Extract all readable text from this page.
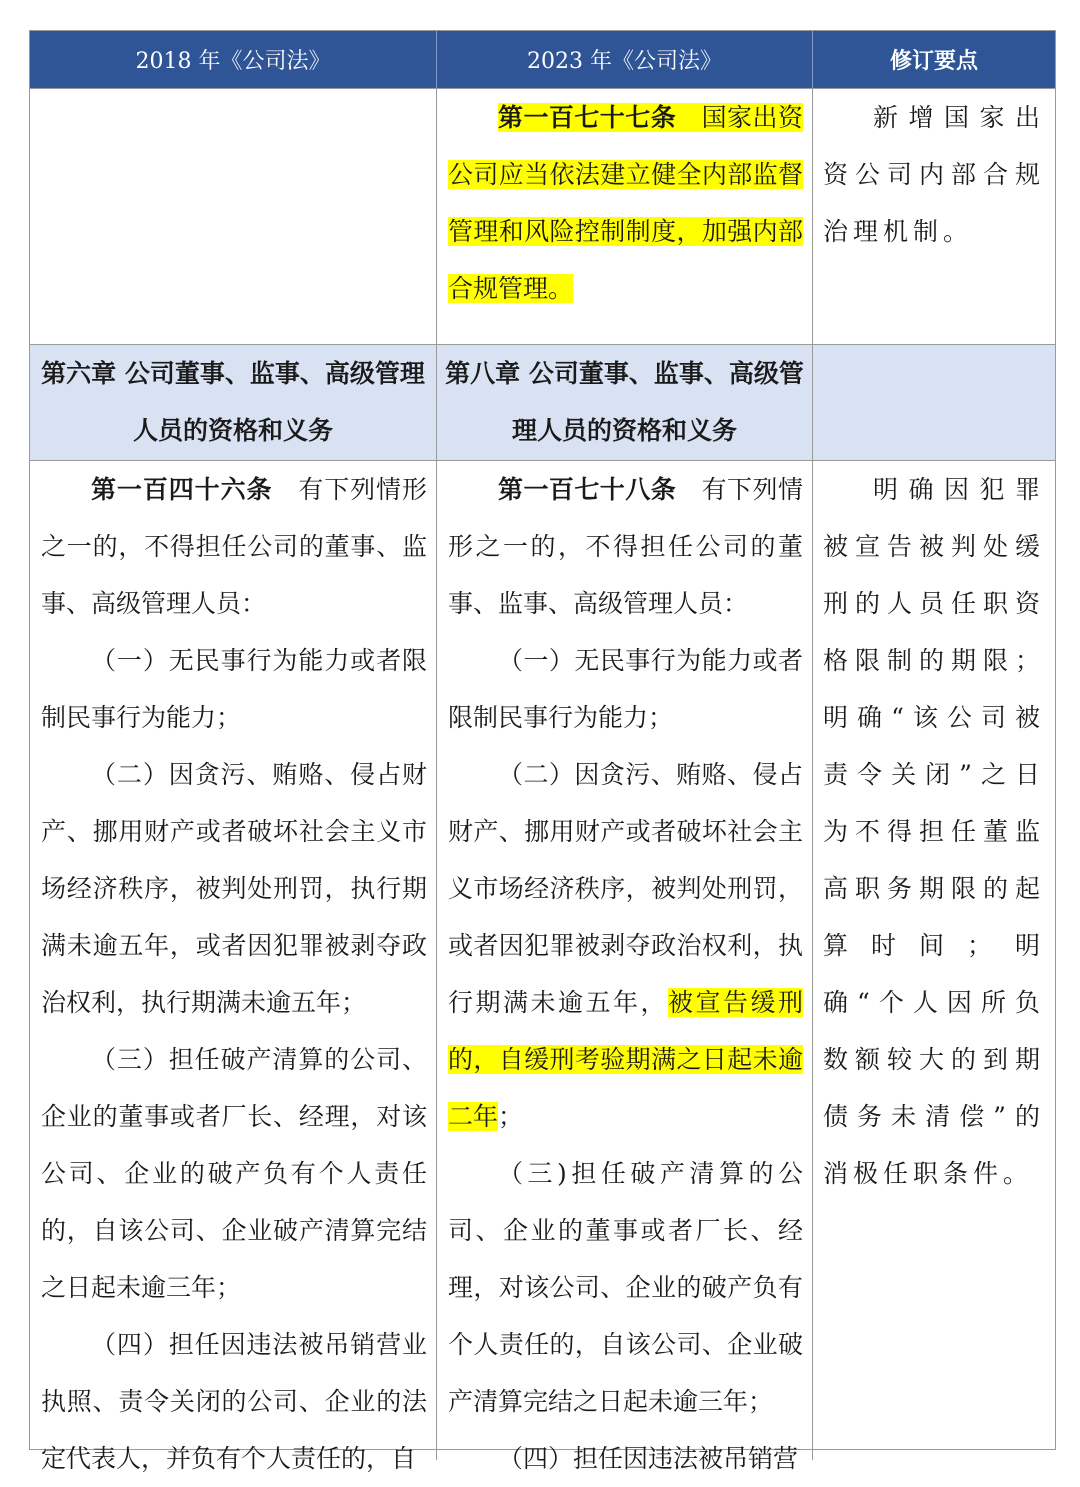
2018 年《公司法》	2023 年《公司法》	修订要点

第一百七十七条　 国家出资公司应当依法建立健全内部监督管理和风险控制制度，加强内部合规管理。

新增国家出资公司内部合规治理机制。

第六章 公司董事、监事、高级管理人员的资格和义务
第八章 公司董事、监事、高级管理人员的资格和义务

第一百四十六条　 有下列情形之一的，不得担任公司的董事、监事、高级管理人员：

（一）无民事行为能力或者限制民事行为能力；

（二）因贪污、贿赂、侵占财产、挪用财产或者破坏社会主义市场经济秩序，被判处刑罚，执行期满未逾五年，或者因犯罪被剥夺政治权利，执行期满未逾五年；

（三）担任破产清算的公司、企业的董事或者厂长、经理，对该公司、企业的破产负有个人责任的，自该公司、企业破产清算完结之日起未逾三年；

（四）担任因违法被吊销营业执照、责令关闭的公司、企业的法定代表人，并负有个人责任的，自

第一百七十八条　 有下列情形之一的，不得担任公司的董事、监事、高级管理人员：

（一）无民事行为能力或者限制民事行为能力；

（二）因贪污、贿赂、侵占财产、挪用财产或者破坏社会主义市场经济秩序，被判处刑罚，或者因犯罪被剥夺政治权利，执行期满未逾五年，被宣告缓刑的，自缓刑考验期满之日起未逾二年；

（三)担任破产清算的公司、企业的董事或者厂长、经理，对该公司、企业的破产负有个人责任的，自该公司、企业破产清算完结之日起未逾三年；

（四）担任因违法被吊销营

明确因犯罪被宣告被判处缓刑的人员任职资格限制的期限；明确“该公司被责令关闭”之日为不得担任董监高职务期限的起算时间；明确“个人因所负数额较大的到期债务未清偿”的消极任职条件。
